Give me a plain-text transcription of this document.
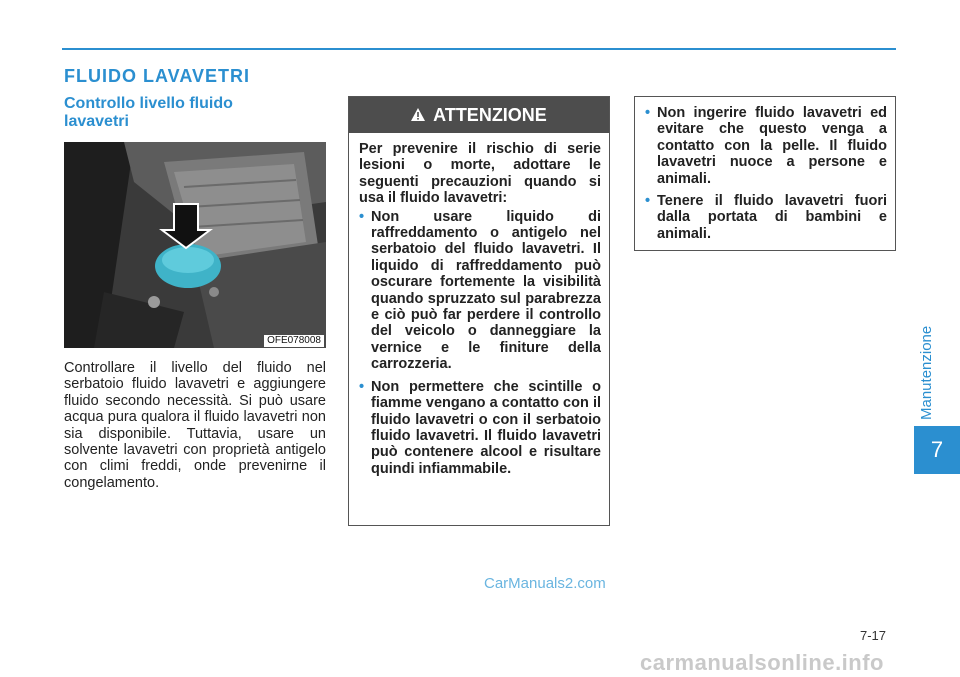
FLUIDO LAVAVETRI
Controllo livello fluido lavavetri
OFE078008
Controllare il livello del fluido nel serbatoio fluido lavavetri e aggiungere fluido secondo necessità. Si può usare acqua pura qualora il fluido lavavetri non sia disponibile. Tuttavia, usare un solvente lavavetri con proprietà antigelo con climi freddi, onde prevenirne il congelamento.
ATTENZIONE

Per prevenire il rischio di serie lesioni o morte, adottare le seguenti precauzioni quando si usa il fluido lavavetri:

• Non usare liquido di raffreddamento o antigelo nel serbatoio del fluido lavavetri. Il liquido di raffreddamento può oscurare fortemente la visibilità quando spruzzato sul parabrezza e ciò può far perdere il controllo del veicolo o danneggiare la vernice e le finiture della carrozzeria.
• Non permettere che scintille o fiamme vengano a contatto con il fluido lavavetri o con il serbatoio fluido lavavetri. Il fluido lavavetri può contenere alcool e risultare quindi infiammabile.
• Non ingerire fluido lavavetri ed evitare che questo venga a contatto con la pelle. Il fluido lavavetri nuoce a persone e animali.
• Tenere il fluido lavavetri fuori dalla portata di bambini e animali.
Manutenzione
7
CarManuals2.com
7-17
carmanualsonline.info
